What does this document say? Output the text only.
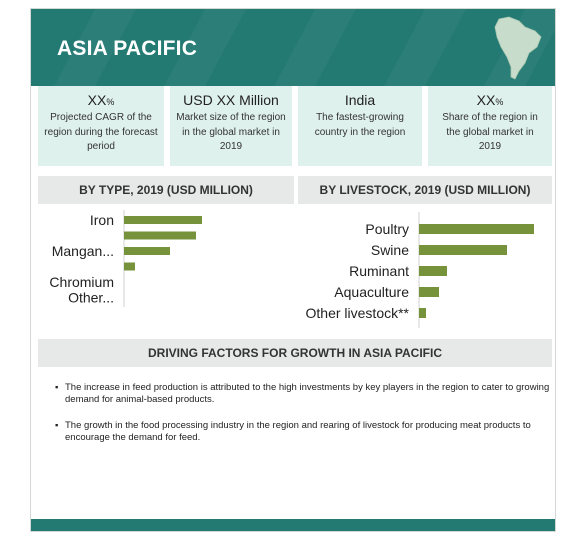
ASIA PACIFIC
XX%
Projected CAGR of the region during the forecast period
USD XX Million
Market size of the region in the global market in 2019
India
The fastest-growing country in the region
XX%
Share of the region in the global market in 2019
BY TYPE, 2019 (USD MILLION)	BY LIVESTOCK, 2019 (USD MILLION)
Iron
Mangan...
Chromium
Other...
Poultry
Swine
Ruminant
Aquaculture
Other livestock**
DRIVING FACTORS FOR GROWTH IN ASIA PACIFIC
▪ The increase in feed production is attributed to the high investments by key players in the region to cater to growing demand for animal-based products.
▪ The growth in the food processing industry in the region and rearing of livestock for producing meat products to encourage the demand for feed.
